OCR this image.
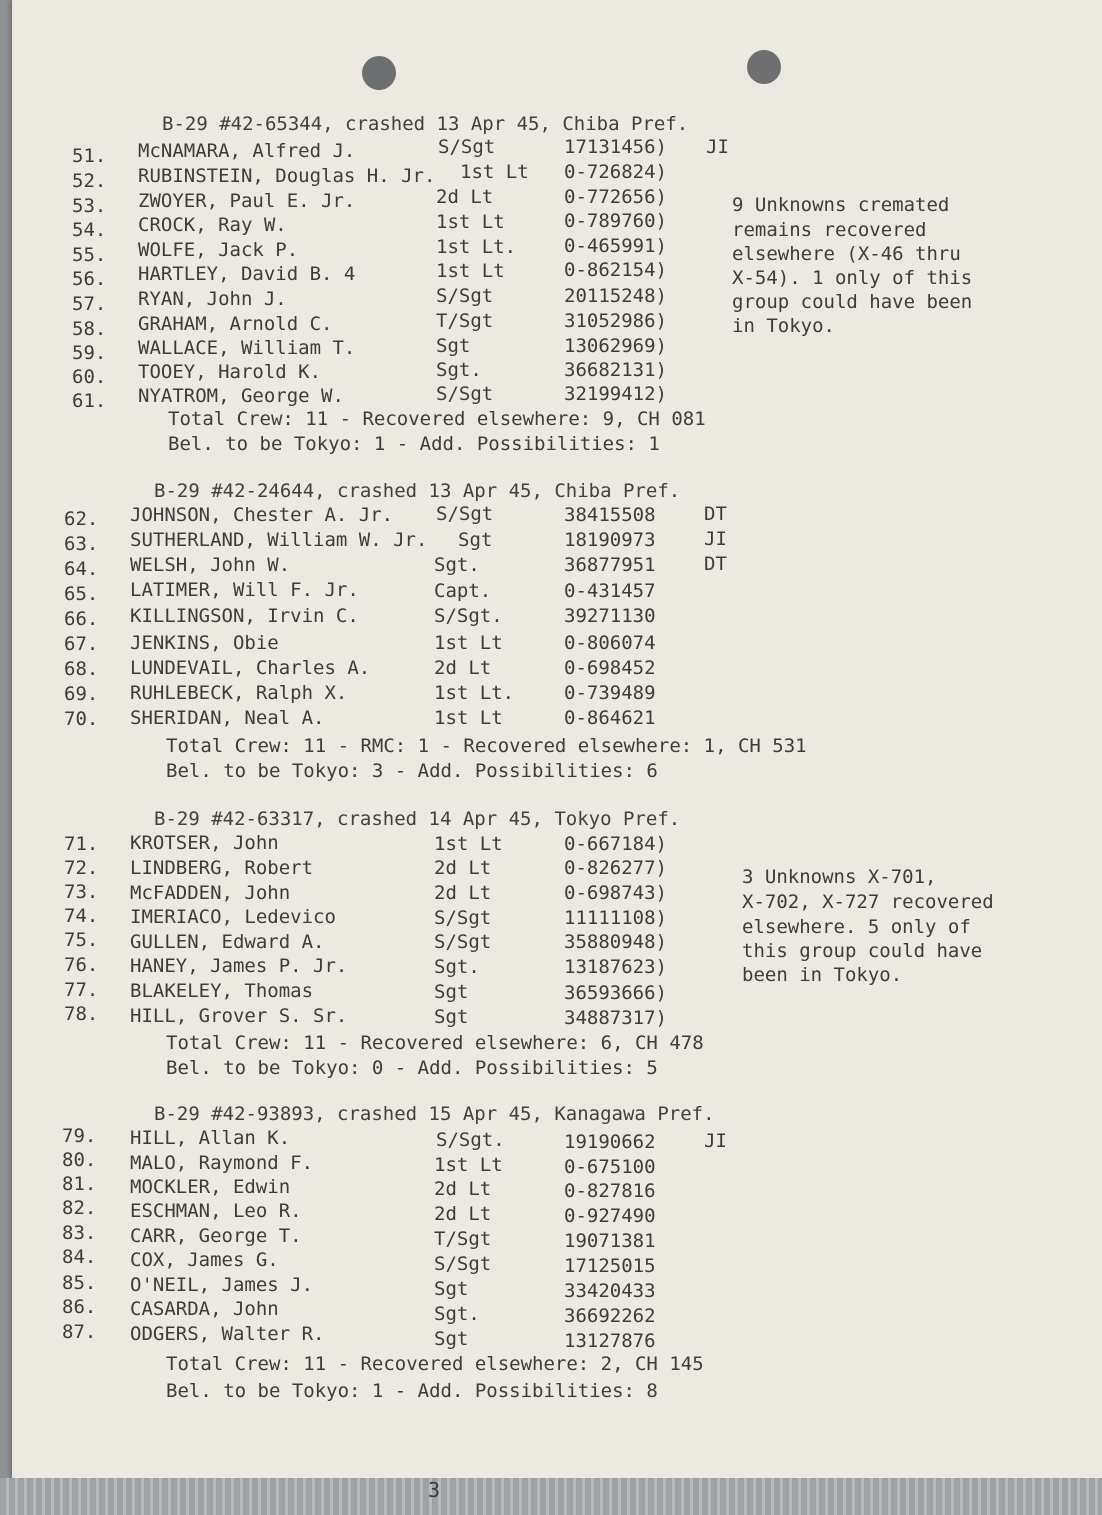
B-29 #42-65344, crashed 13 Apr 45, Chiba Pref.
51. McNAMARA, Alfred J.	S/Sgt	17131456) JI
52. RUBINSTEIN, Douglas H. Jr. 1st Lt 0-726824)
53. ZWOYER, Paul E. Jr.	2d Lt	0-772656)
54. CROCK, Ray W.	1st Lt	0-789760)
55. WOLFE, Jack P.	1st Lt.	0-465991)
56. HARTLEY, David B. 4	1st Lt	0-862154)
57. RYAN, John J.	S/Sgt	20115248)
58. GRAHAM, Arnold C.	T/Sgt	31052986)
59. WALLACE, William T.	Sgt	13062969)
60. TOOEY, Harold K.	Sgt.	36682131)
61. NYATROM, George W.	S/Sgt	32199412)
Total Crew: 11 - Recovered elsewhere: 9, CH 081
Bel. to be Tokyo: 1 - Add. Possibilities: 1
9 Unknowns cremated
remains recovered
elsewhere (X-46 thru
X-54). 1 only of this
group could have been
in Tokyo.
B-29 #42-24644, crashed 13 Apr 45, Chiba Pref.
62. JOHNSON, Chester A. Jr. S/Sgt	38415508	DT
63. SUTHERLAND, William W. Jr. Sgt	18190973	JI
64. WELSH, John W.	Sgt.	36877951	DT
65. LATIMER, Will F. Jr.	Capt.	0-431457
66. KILLINGSON, Irvin C.	S/Sgt.	39271130
67. JENKINS, Obie	1st Lt	0-806074
68. LUNDEVAIL, Charles A.	2d Lt	0-698452
69. RUHLEBECK, Ralph X.	1st Lt.	0-739489
70. SHERIDAN, Neal A.	1st Lt	0-864621
Total Crew: 11 - RMC: 1 - Recovered elsewhere: 1, CH 531
Bel. to be Tokyo: 3 - Add. Possibilities: 6
B-29 #42-63317, crashed 14 Apr 45, Tokyo Pref.
71. KROTSER, John	1st Lt	0-667184)
72. LINDBERG, Robert	2d Lt	0-826277)
73. McFADDEN, John	2d Lt	0-698743)
74. IMERIACO, Ledevico	S/Sgt	11111108)
75. GULLEN, Edward A.	S/Sgt	35880948)
76. HANEY, James P. Jr.	Sgt.	13187623)
77. BLAKELEY, Thomas	Sgt	36593666)
78. HILL, Grover S. Sr.	Sgt	34887317)
Total Crew: 11 - Recovered elsewhere: 6, CH 478
Bel. to be Tokyo: 0 - Add. Possibilities: 5
3 Unknowns X-701,
X-702, X-727 recovered
elsewhere. 5 only of
this group could have
been in Tokyo.
B-29 #42-93893, crashed 15 Apr 45, Kanagawa Pref.
79. HILL, Allan K.	S/Sgt.	19190662	JI
80. MALO, Raymond F.	1st Lt	0-675100
81. MOCKLER, Edwin	2d Lt	0-827816
82. ESCHMAN, Leo R.	2d Lt	0-927490
83. CARR, George T.	T/Sgt	19071381
84. COX, James G.	S/Sgt	17125015
85. O'NEIL, James J.	Sgt	33420433
86. CASARDA, John	Sgt.	36692262
87. ODGERS, Walter R.	Sgt	13127876
Total Crew: 11 - Recovered elsewhere: 2, CH 145
Bel. to be Tokyo: 1 - Add. Possibilities: 8
3
